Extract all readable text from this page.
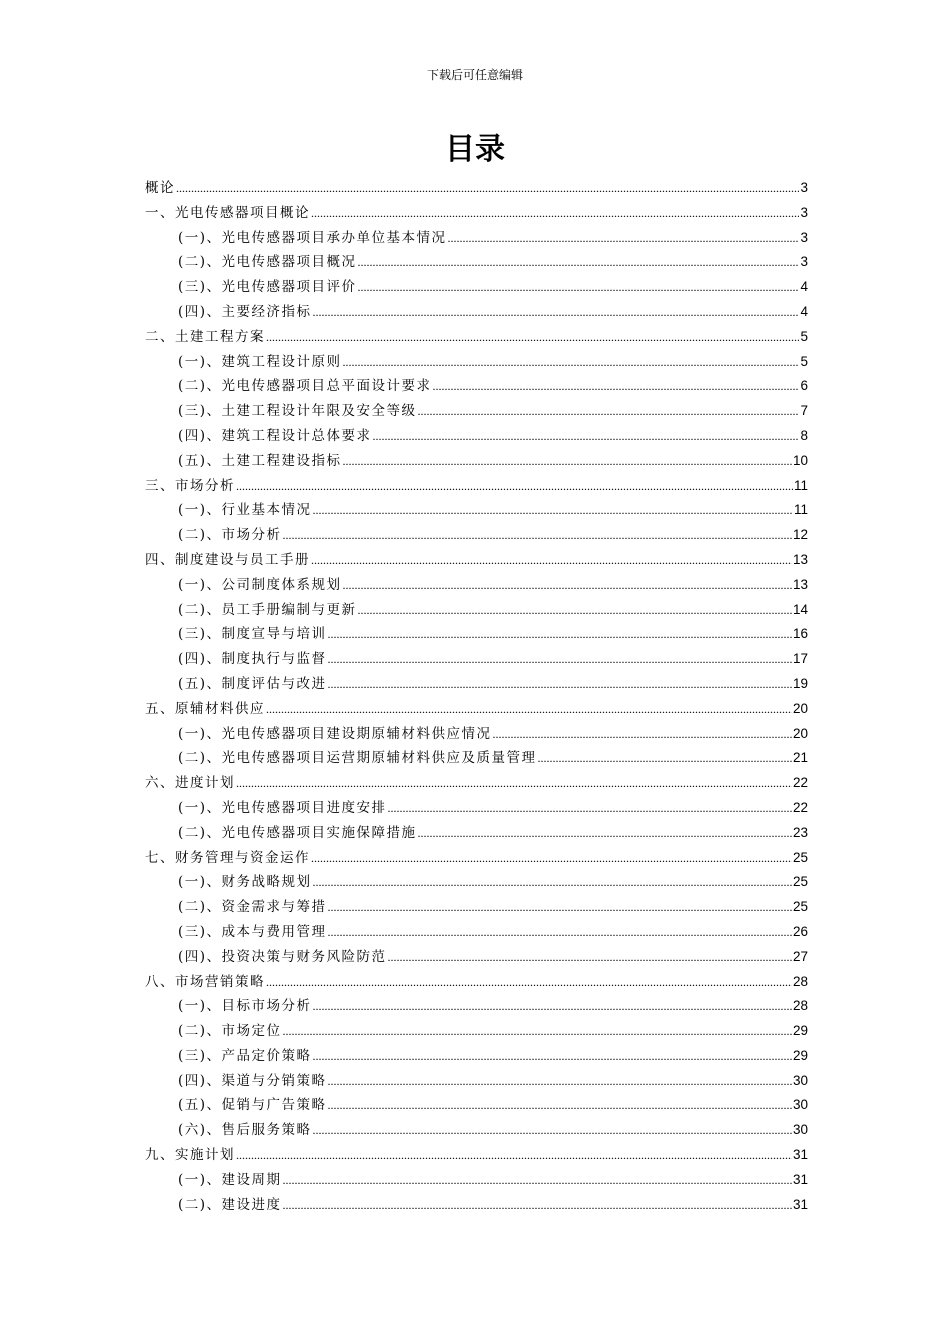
下载后可任意编辑
目录
概论 .....	3
一、光电传感器项目概论 .....	3
(一)、光电传感器项目承办单位基本情况 .....	3
(二)、光电传感器项目概况 .....	3
(三)、光电传感器项目评价 .....	4
(四)、主要经济指标 .....	4
二、土建工程方案 .....	5
(一)、建筑工程设计原则 .....	5
(二)、光电传感器项目总平面设计要求 .....	6
(三)、土建工程设计年限及安全等级 .....	7
(四)、建筑工程设计总体要求 .....	8
(五)、土建工程建设指标 .....	10
三、市场分析 .....	11
(一)、行业基本情况 .....	11
(二)、市场分析 .....	12
四、制度建设与员工手册 .....	13
(一)、公司制度体系规划 .....	13
(二)、员工手册编制与更新 .....	14
(三)、制度宣导与培训 .....	16
(四)、制度执行与监督 .....	17
(五)、制度评估与改进 .....	19
五、原辅材料供应 .....	20
(一)、光电传感器项目建设期原辅材料供应情况 .....	20
(二)、光电传感器项目运营期原辅材料供应及质量管理 .....	21
六、进度计划 .....	22
(一)、光电传感器项目进度安排 .....	22
(二)、光电传感器项目实施保障措施 .....	23
七、财务管理与资金运作 .....	25
(一)、财务战略规划 .....	25
(二)、资金需求与筹措 .....	25
(三)、成本与费用管理 .....	26
(四)、投资决策与财务风险防范 .....	27
八、市场营销策略 .....	28
(一)、目标市场分析 .....	28
(二)、市场定位 .....	29
(三)、产品定价策略 .....	29
(四)、渠道与分销策略 .....	30
(五)、促销与广告策略 .....	30
(六)、售后服务策略 .....	30
九、实施计划 .....	31
(一)、建设周期 .....	31
(二)、建设进度 .....	31
